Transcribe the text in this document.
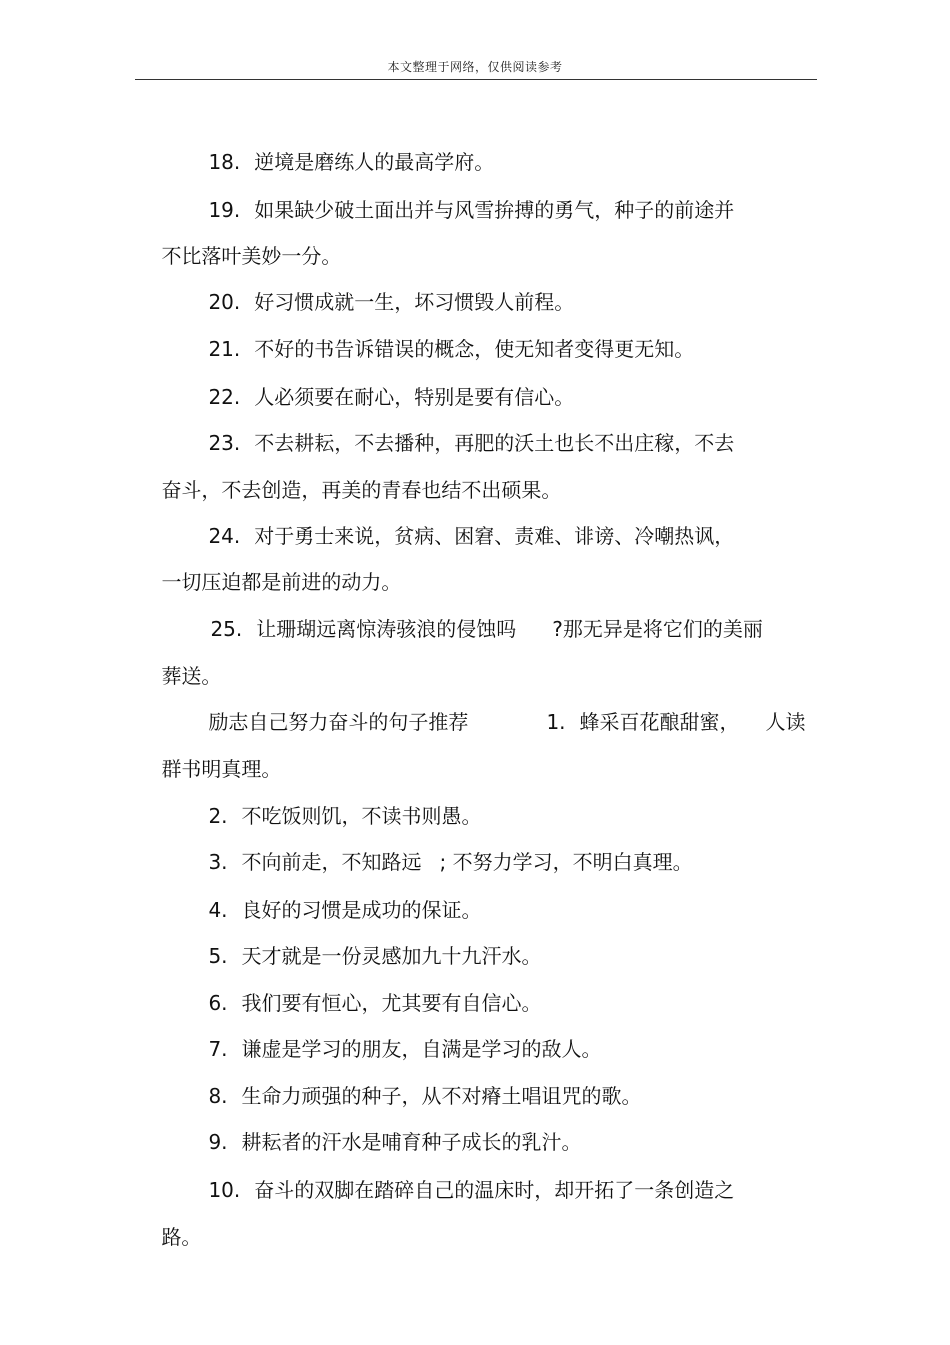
本文整理于网络，仅供阅读参考

18. 逆境是磨练人的最高学府。

19. 如果缺少破土面出并与风雪拚搏的勇气，种子的前途并

不比落叶美妙一分。

20. 好习惯成就一生，坏习惯毁人前程。

21. 不好的书告诉错误的概念，使无知者变得更无知。

22. 人必须要在耐心，特别是要有信心。

23. 不去耕耘，不去播种，再肥的沃土也长不出庄稼，不去

奋斗，不去创造，再美的青春也结不出硕果。

24. 对于勇士来说，贫病、困窘、责难、诽谤、冷嘲热讽，

一切压迫都是前进的动力。

25. 让珊瑚远离惊涛骇浪的侵蚀吗 ?那无异是将它们的美丽

葬送。

励志自己努力奋斗的句子推荐	1. 蜂采百花酿甜蜜， 人读

群书明真理。

2. 不吃饭则饥，不读书则愚。

3. 不向前走，不知路远 ; 不努力学习，不明白真理。

4. 良好的习惯是成功的保证。

5. 天才就是一份灵感加九十九汗水。

6. 我们要有恒心，尤其要有自信心。

7. 谦虚是学习的朋友，自满是学习的敌人。

8. 生命力顽强的种子，从不对瘠土唱诅咒的歌。

9. 耕耘者的汗水是哺育种子成长的乳汁。

10. 奋斗的双脚在踏碎自己的温床时，却开拓了一条创造之

路。
